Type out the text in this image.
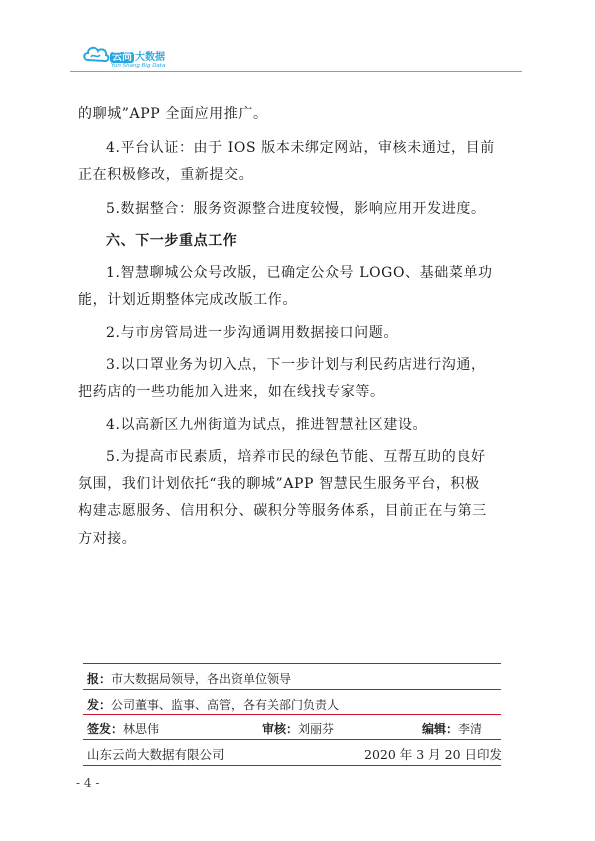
云尚 大数据
Yun Shang Big Data
的聊城”APP 全面应用推广。
4.平台认证：由于 IOS 版本未绑定网站，审核未通过，目前
正在积极修改，重新提交。
5.数据整合：服务资源整合进度较慢，影响应用开发进度。
六、下一步重点工作
1.智慧聊城公众号改版，已确定公众号 LOGO、基础菜单功
能，计划近期整体完成改版工作。
2.与市房管局进一步沟通调用数据接口问题。
3.以口罩业务为切入点，下一步计划与利民药店进行沟通，
把药店的一些功能加入进来，如在线找专家等。
4.以高新区九州街道为试点，推进智慧社区建设。
5.为提高市民素质，培养市民的绿色节能、互帮互助的良好
氛围，我们计划依托“我的聊城”APP 智慧民生服务平台，积极
构建志愿服务、信用积分、碳积分等服务体系，目前正在与第三
方对接。
报：市大数据局领导，各出资单位领导
发：公司董事、监事、高管，各有关部门负责人
签发：林思伟	审核：刘丽芬	编辑：李清
山东云尚大数据有限公司	2020 年 3 月 20 日印发
- 4 -
